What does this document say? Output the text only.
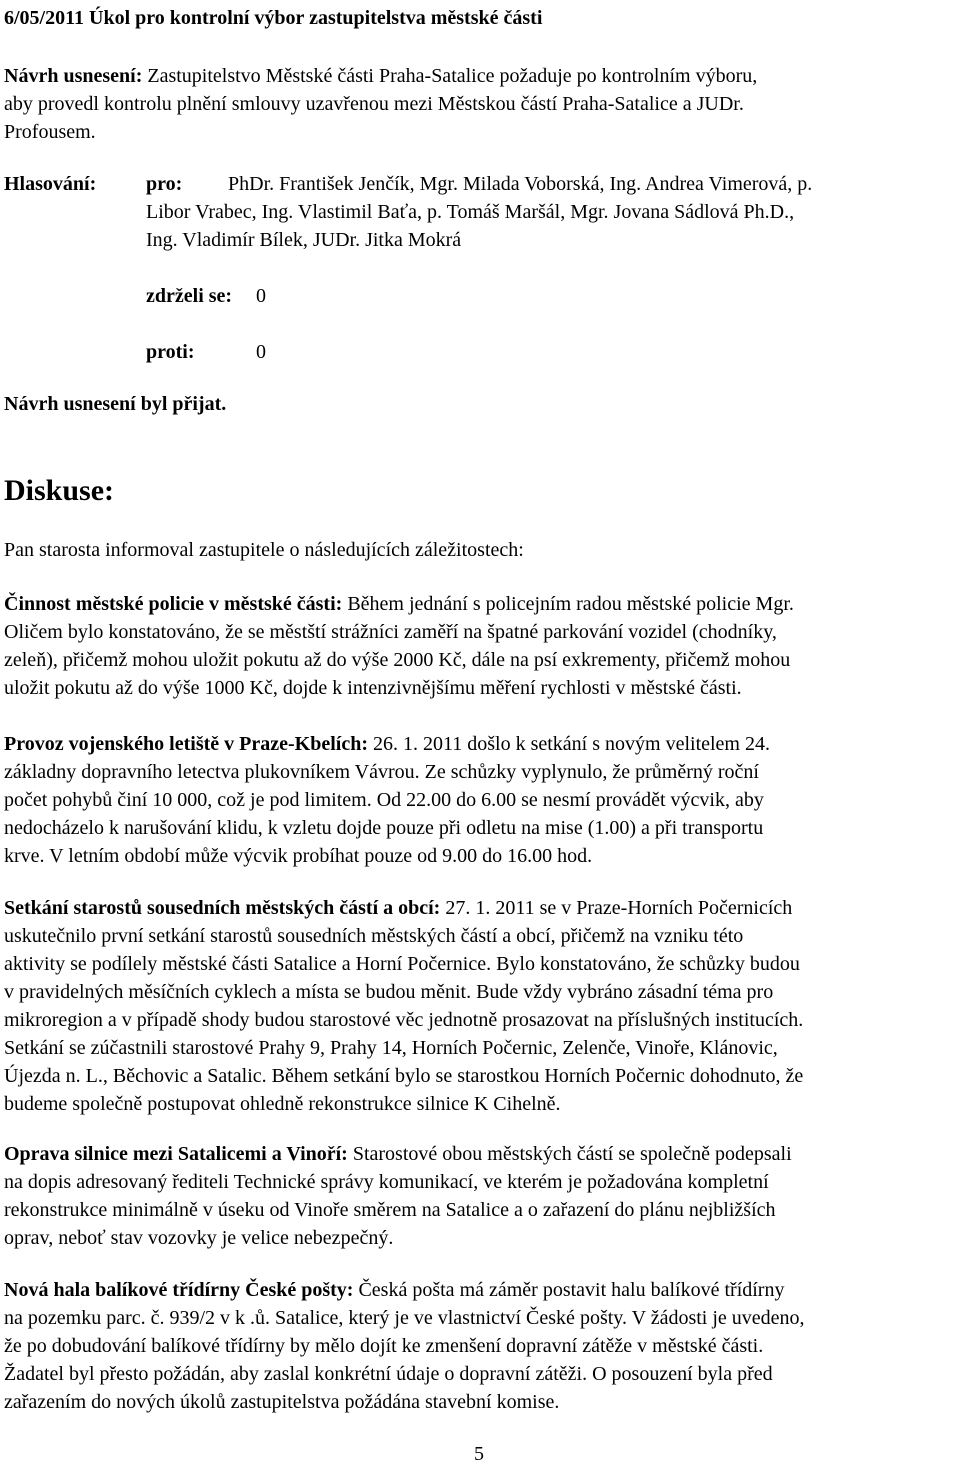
6/05/2011 Úkol pro kontrolní výbor zastupitelstva městské části
Návrh usnesení: Zastupitelstvo Městské části Praha-Satalice požaduje po kontrolním výboru,
aby provedl kontrolu plnění smlouvy uzavřenou mezi Městskou částí Praha-Satalice a JUDr.
Profousem.
Hlasování: pro: PhDr. František Jenčík, Mgr. Milada Voborská, Ing. Andrea Vimerová, p.
Libor Vrabec, Ing. Vlastimil Baťa, p. Tomáš Maršál, Mgr. Jovana Sádlová Ph.D.,
Ing. Vladimír Bílek, JUDr. Jitka Mokrá
zdrželi se: 0
proti:	0
Návrh usnesení byl přijat.
Diskuse:
Pan starosta informoval zastupitele o následujících záležitostech:
Činnost městské policie v městské části: Během jednání s policejním radou městské policie Mgr.
Oličem bylo konstatováno, že se městští strážníci zaměří na špatné parkování vozidel (chodníky,
zeleň), přičemž mohou uložit pokutu až do výše 2000 Kč, dále na psí exkrementy, přičemž mohou
uložit pokutu až do výše 1000 Kč, dojde k intenzivnějšímu měření rychlosti v městské části.
Provoz vojenského letiště v Praze-Kbelích: 26. 1. 2011 došlo k setkání s novým velitelem 24.
základny dopravního letectva plukovníkem Vávrou. Ze schůzky vyplynulo, že průměrný roční
počet pohybů činí 10 000, což je pod limitem. Od 22.00 do 6.00 se nesmí provádět výcvik, aby
nedocházelo k narušování klidu, k vzletu dojde pouze při odletu na mise (1.00) a při transportu
krve. V letním období může výcvik probíhat pouze od 9.00 do 16.00 hod.
Setkání starostů sousedních městských částí a obcí: 27. 1. 2011 se v Praze-Horních Počernicích
uskutečnilo první setkání starostů sousedních městských částí a obcí, přičemž na vzniku této
aktivity se podílely městské části Satalice a Horní Počernice. Bylo konstatováno, že schůzky budou
v pravidelných měsíčních cyklech a místa se budou měnit. Bude vždy vybráno zásadní téma pro
mikroregion a v případě shody budou starostové věc jednotně prosazovat na příslušných institucích.
Setkání se zúčastnili starostové Prahy 9, Prahy 14, Horních Počernic, Zelenče, Vinoře, Klánovic,
Újezda n. L., Běchovic a Satalic. Během setkání bylo se starostkou Horních Počernic dohodnuto, že
budeme společně postupovat ohledně rekonstrukce silnice K Cihelně.
Oprava silnice mezi Satalicemi a Vinoří: Starostové obou městských částí se společně podepsali
na dopis adresovaný řediteli Technické správy komunikací, ve kterém je požadována kompletní
rekonstrukce minimálně v úseku od Vinoře směrem na Satalice a o zařazení do plánu nejbližších
oprav, neboť stav vozovky je velice nebezpečný.
Nová hala balíkové třídírny České pošty: Česká pošta má záměr postavit halu balíkové třídírny
na pozemku parc. č. 939/2 v k .ů. Satalice, který je ve vlastnictví České pošty. V žádosti je uvedeno,
že po dobudování balíkové třídírny by mělo dojít ke zmenšení dopravní zátěže v městské části.
Žadatel byl přesto požádán, aby zaslal konkrétní údaje o dopravní zátěži. O posouzení byla před
zařazením do nových úkolů zastupitelstva požádána stavební komise.
5
